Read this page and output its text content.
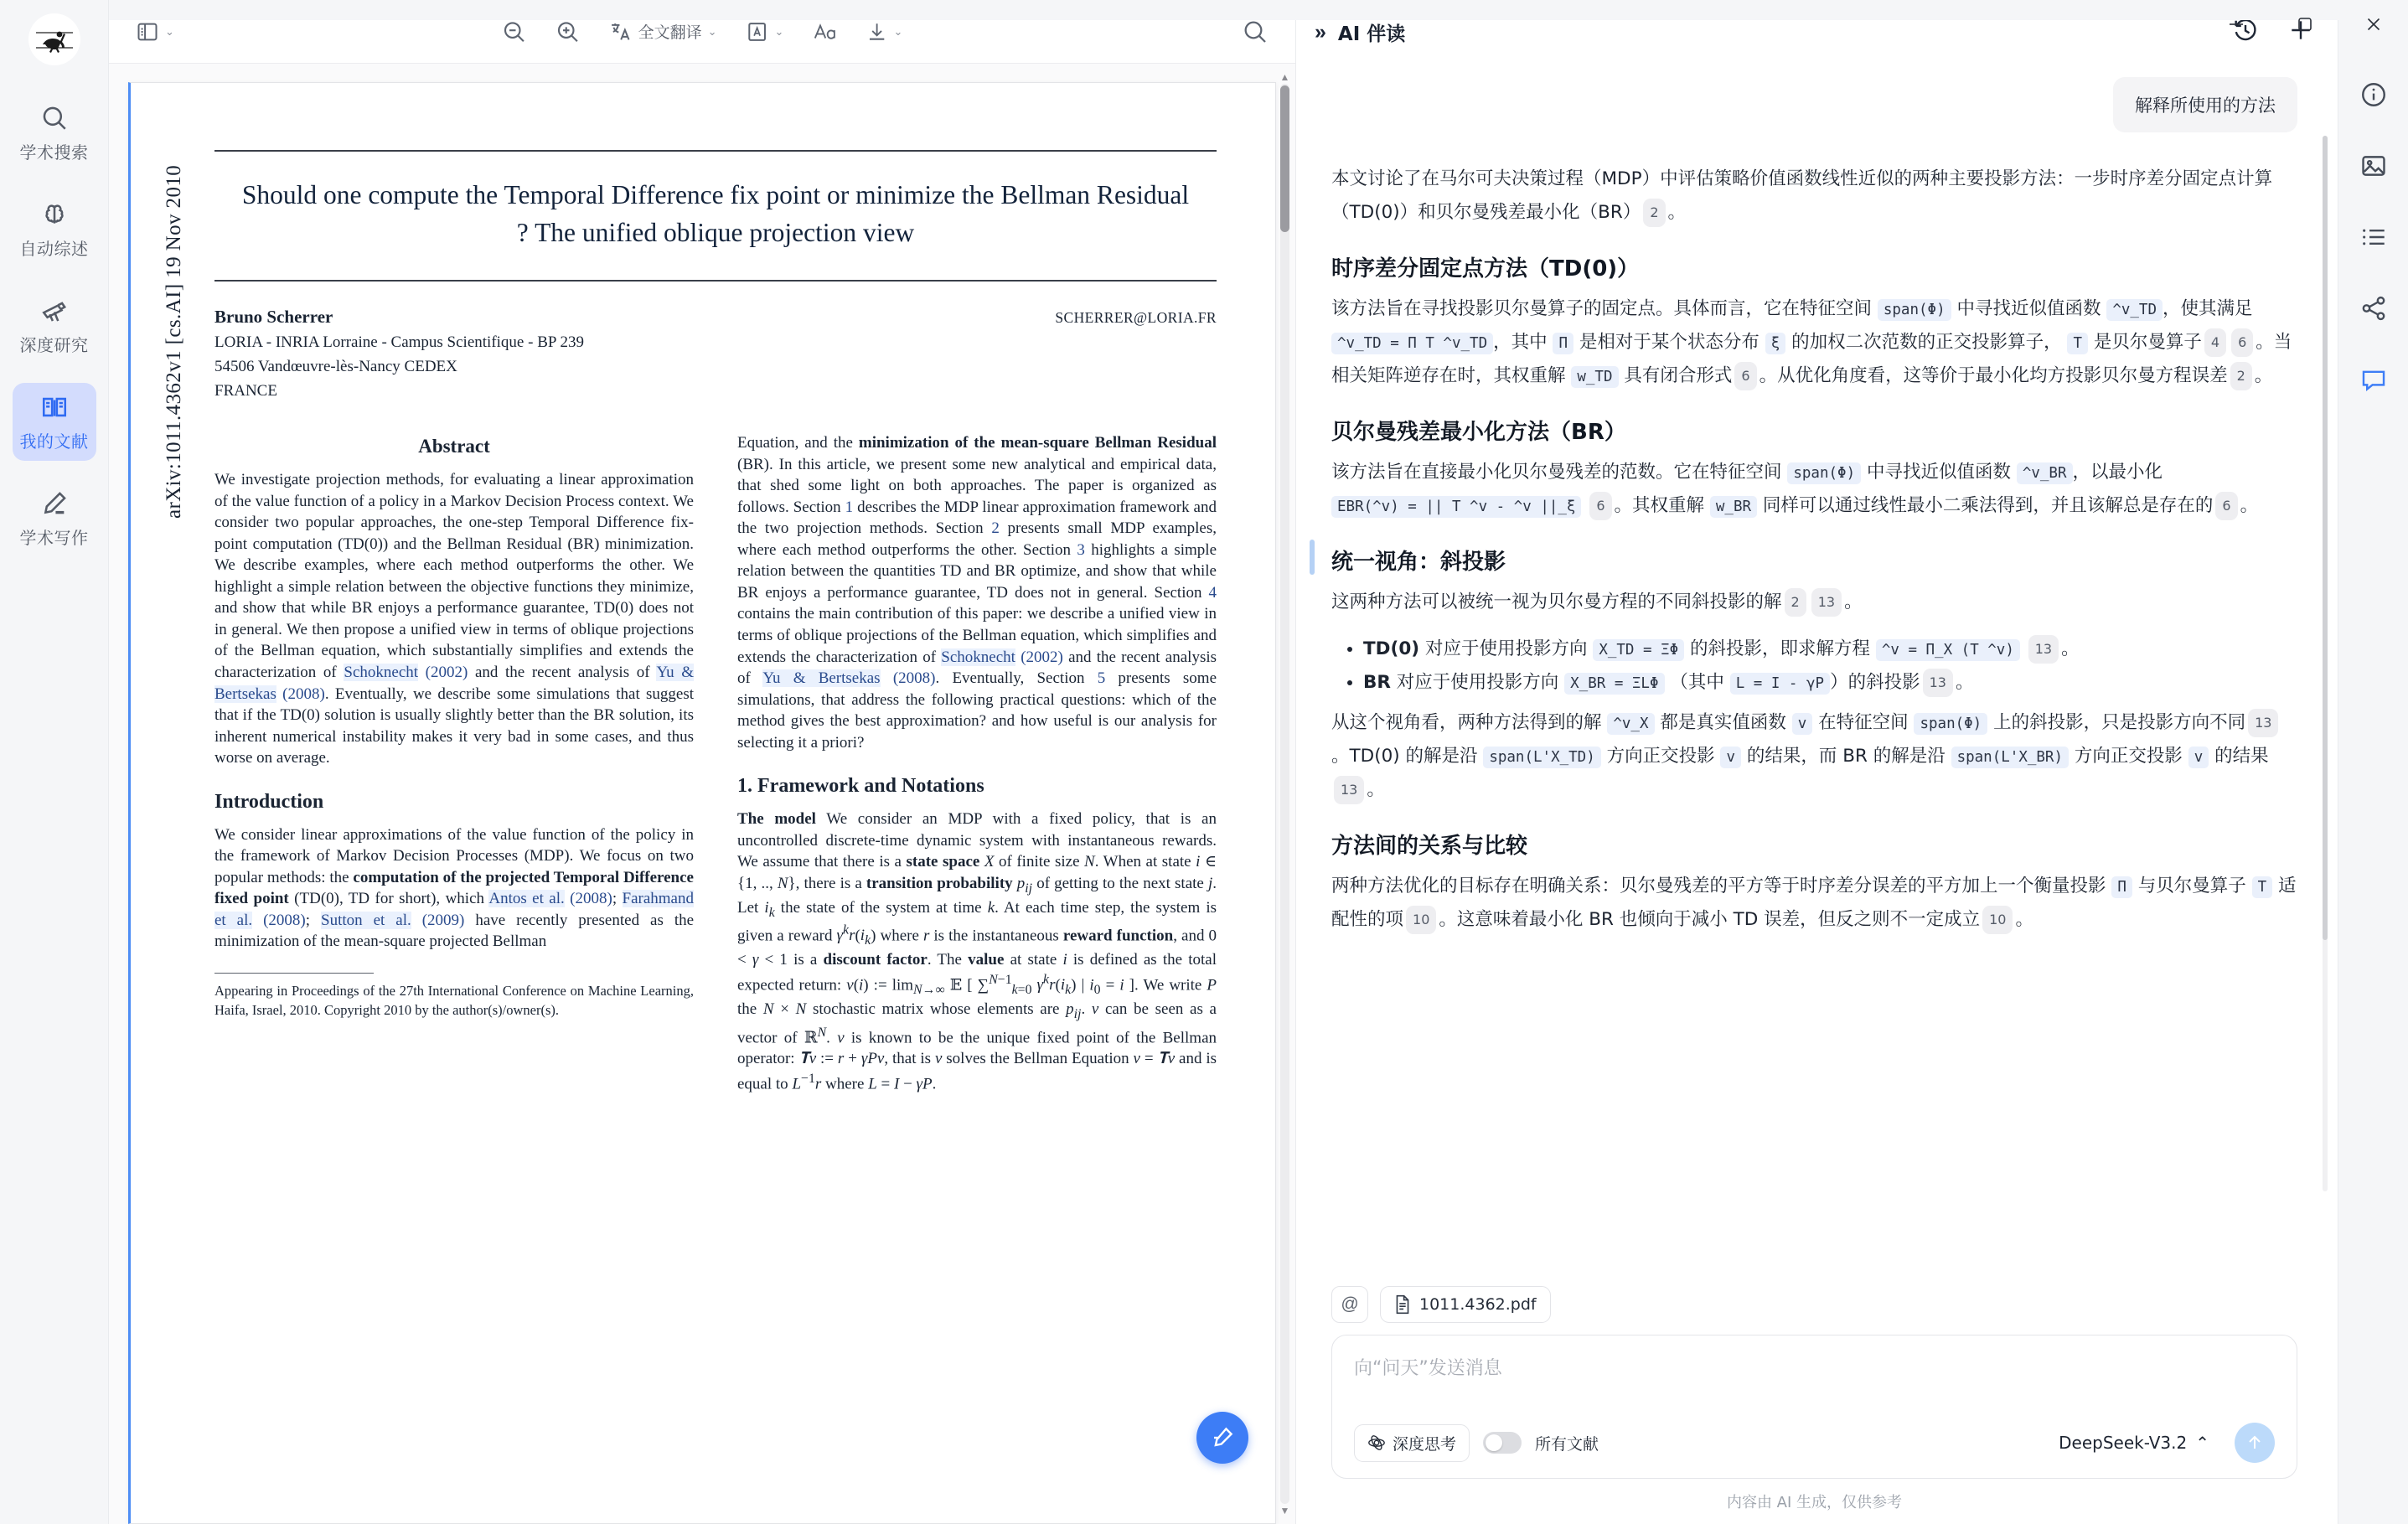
学术搜索
自动综述
深度研究
我的文献
学术写作
⌄	全文翻译 ⌄	⌄	⌄
arXiv:1011.4362v1 [cs.AI] 19 Nov 2010 Should one compute the Temporal Difference fix point or minimize the Bellman Residual ? The unified oblique projection view
Bruno Scherrer	SCHERRER@LORIA.FR
LORIA - INRIA Lorraine - Campus Scientifique - BP 239
54506 Vandœuvre-lès-Nancy CEDEX
FRANCE
Abstract
We investigate projection methods, for evaluating a linear approximation of the value function of a policy in a Markov Decision Process context. We consider two popular approaches, the one-step Temporal Difference fix-point computation (TD(0)) and the Bellman Residual (BR) minimization. We describe examples, where each method outperforms the other. We highlight a simple relation between the objective functions they minimize, and show that while BR enjoys a performance guarantee, TD(0) does not in general. We then propose a unified view in terms of oblique projections of the Bellman equation, which substantially simplifies and extends the characterization of Schoknecht (2002) and the recent analysis of Yu & Bertsekas (2008). Eventually, we describe some simulations that suggest that if the TD(0) solution is usually slightly better than the BR solution, its inherent numerical instability makes it very bad in some cases, and thus worse on average.
Introduction
We consider linear approximations of the value function of the policy in the framework of Markov Decision Processes (MDP). We focus on two popular methods: the computation of the projected Temporal Difference fixed point (TD(0), TD for short), which Antos et al. (2008); Farahmand et al. (2008); Sutton et al. (2009) have recently presented as the minimization of the mean-square projected Bellman
Appearing in Proceedings of the 27th International Conference on Machine Learning, Haifa, Israel, 2010. Copyright 2010 by the author(s)/owner(s).
Equation, and the minimization of the mean-square Bellman Residual (BR). In this article, we present some new analytical and empirical data, that shed some light on both approaches. The paper is organized as follows. Section 1 describes the MDP linear approximation framework and the two projection methods. Section 2 presents small MDP examples, where each method outperforms the other. Section 3 highlights a simple relation between the quantities TD and BR optimize, and show that while BR enjoys a performance guarantee, TD does not in general. Section 4 contains the main contribution of this paper: we describe a unified view in terms of oblique projections of the Bellman equation, which simplifies and extends the characterization of Schoknecht (2002) and the recent analysis of Yu & Bertsekas (2008). Eventually, Section 5 presents some simulations, that address the following practical questions: which of the method gives the best approximation? and how useful is our analysis for selecting it a priori?
1. Framework and Notations
The model We consider an MDP with a fixed policy, that is an uncontrolled discrete-time dynamic system with instantaneous rewards. We assume that there is a state space X of finite size N. When at state i ∈ {1, .., N}, there is a transition probability $p_{ij}$ of getting to the next state j. Let $i_k$ the state of the system at time k. At each time step, the system is given a reward $\gamma^kr(i_k)$ where r is the instantaneous reward function, and 0 < γ < 1 is a discount factor. The value at state i is defined as the total expected return: v(i) := $\lim_{N\to\infty}$ 𝔼 [ ∑$^{N-1}_{k=0}$ $\gamma^kr(i_k)$ | $i_0 = i$ ]. We write P the N × N stochastic matrix whose elements are $p_{ij}$. v can be seen as a vector of ℝ$^N$. v is known to be the unique fixed point of the Bellman operator: 𝐓v := r + γPv, that is v solves the Bellman Equation v = 𝐓v and is equal to $L^{-1}r$ where L = I − γP.
▲
▼
» AI 伴读
解释所使用的方法
本文讨论了在马尔可夫决策过程（MDP）中评估策略价值函数线性近似的两种主要投影方法：一步时序差分固定点计算（TD(0)）和贝尔曼残差最小化（BR） 2 。
时序差分固定点方法（TD(0)）
该方法旨在寻找投影贝尔曼算子的固定点。具体而言，它在特征空间 span(Φ) 中寻找近似值函数 ^v_TD ，使其满足 ^v_TD = Π T ^v_TD ，其中 Π 是相对于某个状态分布 ξ 的加权二次范数的正交投影算子， T 是贝尔曼算子 4 6 。当相关矩阵逆存在时，其权重解 w_TD 具有闭合形式 6 。从优化角度看，这等价于最小化均方投影贝尔曼方程误差 2 。
贝尔曼残差最小化方法（BR）
该方法旨在直接最小化贝尔曼残差的范数。它在特征空间 span(Φ) 中寻找近似值函数 ^v_BR ，以最小化 EBR(^v) = || T ^v - ^v ||_ξ 6 。其权重解 w_BR 同样可以通过线性最小二乘法得到，并且该解总是存在的 6 。
统一视角：斜投影
这两种方法可以被统一视为贝尔曼方程的不同斜投影的解 2 13 。
• TD(0) 对应于使用投影方向 X_TD = ΞΦ 的斜投影，即求解方程 ^v = Π_X (T ^v) 13 。
• BR 对应于使用投影方向 X_BR = ΞLΦ （其中 L = I - γP ）的斜投影 13 。
从这个视角看，两种方法得到的解 ^v_X 都是真实值函数 v 在特征空间 span(Φ) 上的斜投影，只是投影方向不同 13。TD(0) 的解是沿 span(L'X_TD) 方向正交投影 v 的结果，而 BR 的解是沿 span(L'X_BR) 方向正交投影 v 的结果13 。
方法间的关系与比较
两种方法优化的目标存在明确关系：贝尔曼残差的平方等于时序差分误差的平方加上一个衡量投影 Π 与贝尔曼算子 T 适配性的项 10 。这意味着最小化 BR 也倾向于减小 TD 误差，但反之则不一定成立 10 。
@	1011.4362.pdf
向“问天”发送消息
深度思考	所有文献	DeepSeek-V3.2 ⌃
内容由 AI 生成，仅供参考
